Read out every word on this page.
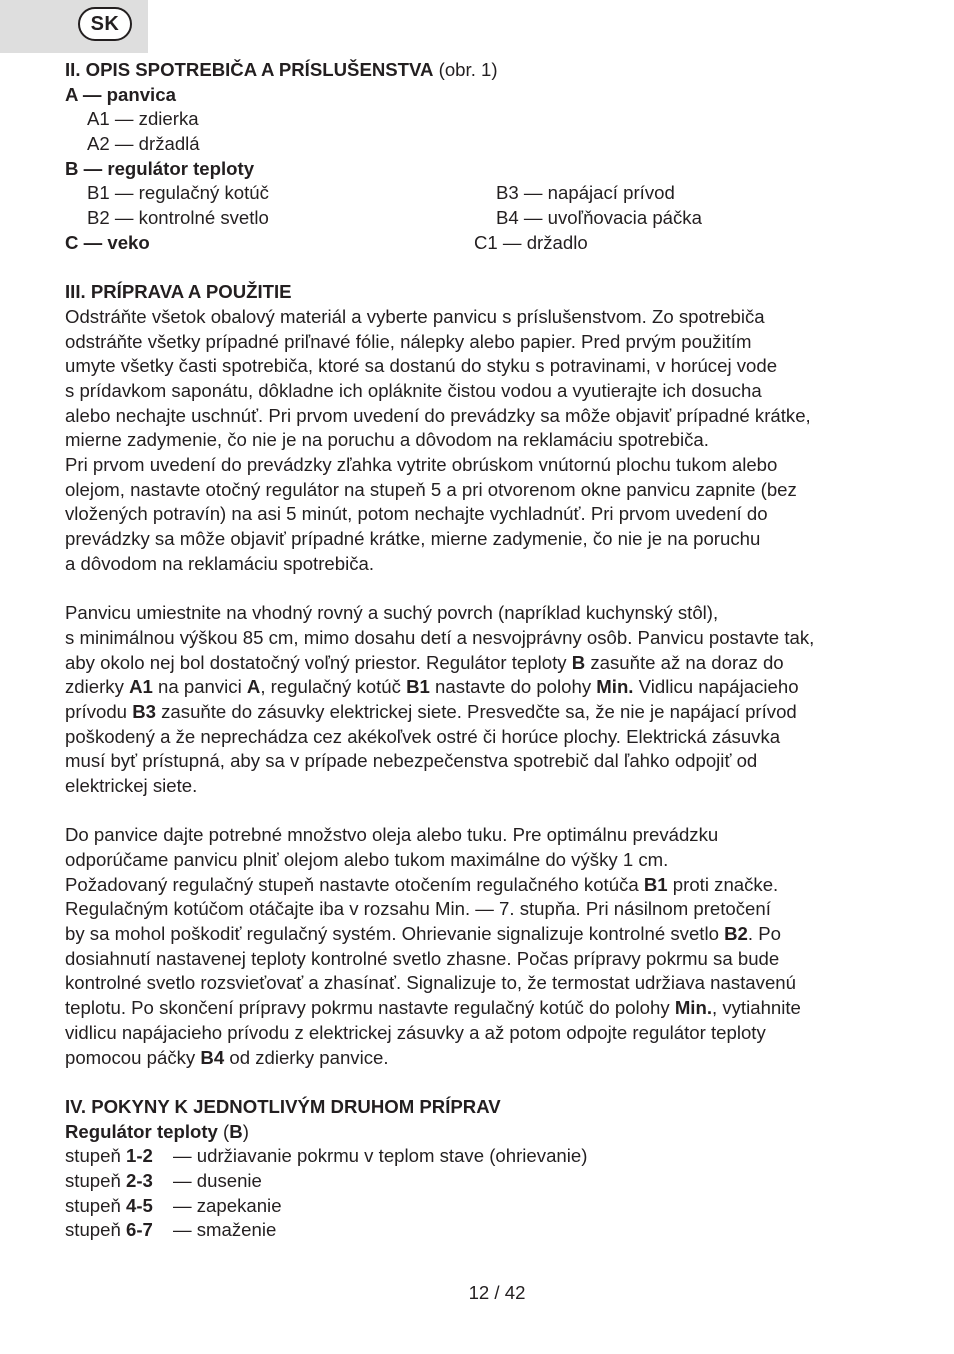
SK
II. OPIS SPOTREBIČA A PRÍSLUŠENSTVA (obr. 1)
A — panvica
A1 — zdierka
A2 — držadlá
B — regulátor teploty
B1 — regulačný kotúč	B3 — napájací prívod
B2 — kontrolné svetlo	B4 — uvoľňovacia páčka
C — veko	C1 — držadlo
III. PRÍPRAVA A POUŽITIE
Odstráňte všetok obalový materiál a vyberte panvicu s príslušenstvom. Zo spotrebiča
odstráňte všetky prípadné priľnavé fólie, nálepky alebo papier. Pred prvým použitím
umyte všetky časti spotrebiča, ktoré sa dostanú do styku s potravinami, v horúcej vode
s prídavkom saponátu, dôkladne ich opláknite čistou vodou a vyutierajte ich dosucha
alebo nechajte uschnúť. Pri prvom uvedení do prevádzky sa môže objaviť prípadné krátke,
mierne zadymenie, čo nie je na poruchu a dôvodom na reklamáciu spotrebiča.
Pri prvom uvedení do prevádzky zľahka vytrite obrúskom vnútornú plochu tukom alebo
olejom, nastavte otočný regulátor na stupeň 5 a pri otvorenom okne panvicu zapnite (bez
vložených potravín) na asi 5 minút, potom nechajte vychladnúť. Pri prvom uvedení do
prevádzky sa môže objaviť prípadné krátke, mierne zadymenie, čo nie je na poruchu
a dôvodom na reklamáciu spotrebiča.
Panvicu umiestnite na vhodný rovný a suchý povrch (napríklad kuchynský stôl),
s minimálnou výškou 85 cm, mimo dosahu detí a nesvojprávny osôb. Panvicu postavte tak,
aby okolo nej bol dostatočný voľný priestor. Regulátor teploty B zasuňte až na doraz do
zdierky A1 na panvici A, regulačný kotúč B1 nastavte do polohy Min. Vidlicu napájacieho
prívodu B3 zasuňte do zásuvky elektrickej siete. Presvedčte sa, že nie je napájací prívod
poškodený a že neprechádza cez akékoľvek ostré či horúce plochy. Elektrická zásuvka
musí byť prístupná, aby sa v prípade nebezpečenstva spotrebič dal ľahko odpojiť od
elektrickej siete.
Do panvice dajte potrebné množstvo oleja alebo tuku. Pre optimálnu prevádzku
odporúčame panvicu plniť olejom alebo tukom maximálne do výšky 1 cm.
Požadovaný regulačný stupeň nastavte otočením regulačného kotúča B1 proti značke.
Regulačným kotúčom otáčajte iba v rozsahu Min. — 7. stupňa. Pri násilnom pretočení
by sa mohol poškodiť regulačný systém. Ohrievanie signalizuje kontrolné svetlo B2. Po
dosiahnutí nastavenej teploty kontrolné svetlo zhasne. Počas prípravy pokrmu sa bude
kontrolné svetlo rozsvieťovať a zhasínať. Signalizuje to, že termostat udržiava nastavenú
teplotu. Po skončení prípravy pokrmu nastavte regulačný kotúč do polohy Min., vytiahnite
vidlicu napájacieho prívodu z elektrickej zásuvky a až potom odpojte regulátor teploty
pomocou páčky B4 od zdierky panvice.
IV. POKYNY K JEDNOTLIVÝM DRUHOM PRÍPRAV
Regulátor teploty (B)
stupeň 1-2 — udržiavanie pokrmu v teplom stave (ohrievanie)
stupeň 2-3 — dusenie
stupeň 4-5 — zapekanie
stupeň 6-7 — smaženie
12 / 42
